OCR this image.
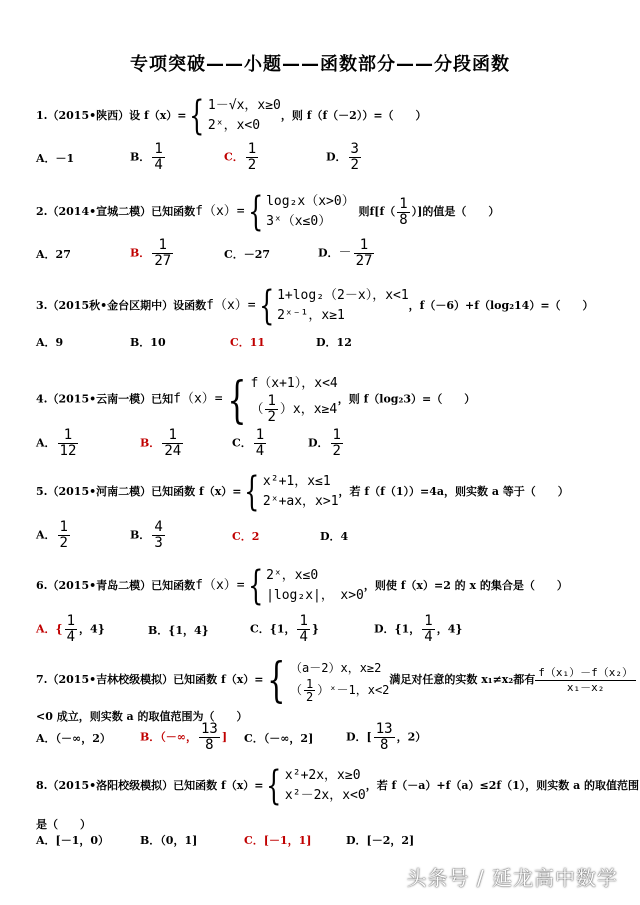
专项突破——小题——函数部分——分段函数
1.（2015•陕西）设 f（x）={ 1－√x，x≥0
2ˣ，x<0
，则 f（f（－2））=（　　）
A．－1	B． $\frac{1}{4}$	C． $\frac{1}{2}$	D． $\frac{3}{2}$
2.（2014•宣城二模）已知函数f（x）={ log₂x（x>0）
3ˣ（x≤0）
则$f[f( \frac{1}{8}$ ）]的值是（　　）
A．27	B． $\frac{1}{27}$	C．－27	D．－ $\frac{1}{27}$
3.（2015秋•金台区期中）设函数f（x）={ 1+log₂（2－x），x<1
2ˣ⁻¹，x≥1
，f（－6）+f（log₂14）=（　　）
A．9	B．10	C．11	D．12
4.（2015•云南一模）已知f（x）={ f（x+1），x<4
（ $\frac{1}{2} )x$，x≥4
，则 f（log₂3）=（　　）
A． $\frac{1}{12}$	B． $\frac{1}{24}$	C． $\frac{1}{4}$	D． $\frac{1}{2}$
5.（2015•河南二模）已知函数 f（x）={ x²+1，x≤1
2ˣ+ax，x>1
，若 f（f（1））=4a，则实数 a 等于（　　）
A． $\frac{1}{2}$	B． $\frac{4}{3}$	C．2	D．4
6.（2015•青岛二模）已知函数f（x）={ 2ˣ，x≤0
|log₂x|，　x>0
，则使 f（x）=2 的 x 的集合是（　　）
A．{ $\frac{1}{4}$ ，4}	B．{1，4}	C．{1， $\frac{1}{4}$ }	D．{1， $\frac{1}{4}$ ，4}
7.（2015•吉林校级模拟）已知函数 f（x）={ （a－2）x，x≥2
（ $\frac{1}{2}$ ）ˣ－1，x<2
满足对任意的实数 x₁≠x₂都有 $\frac{\text{f（x₁）－f（x₂）}}{\text{x₁－x₂}}$
<0 成立，则实数 a 的取值范围为（　　）
A．（－∞，2）	B．（－∞， $\frac{13}{8}$ ] C．（－∞，2]	D．[ $\frac{13}{8}$ ，2）
8.（2015•洛阳校级模拟）已知函数 f（x）={ x²+2x，x≥0
x²－2x，x<0
，若 f（－a）+f（a）≤2f（1），则实数 a 的取值范围
是（　　）
A．[－1，0）	B．（0，1]	C．[－1，1]	D．[－2，2]
头条号 / 延龙高中数学
